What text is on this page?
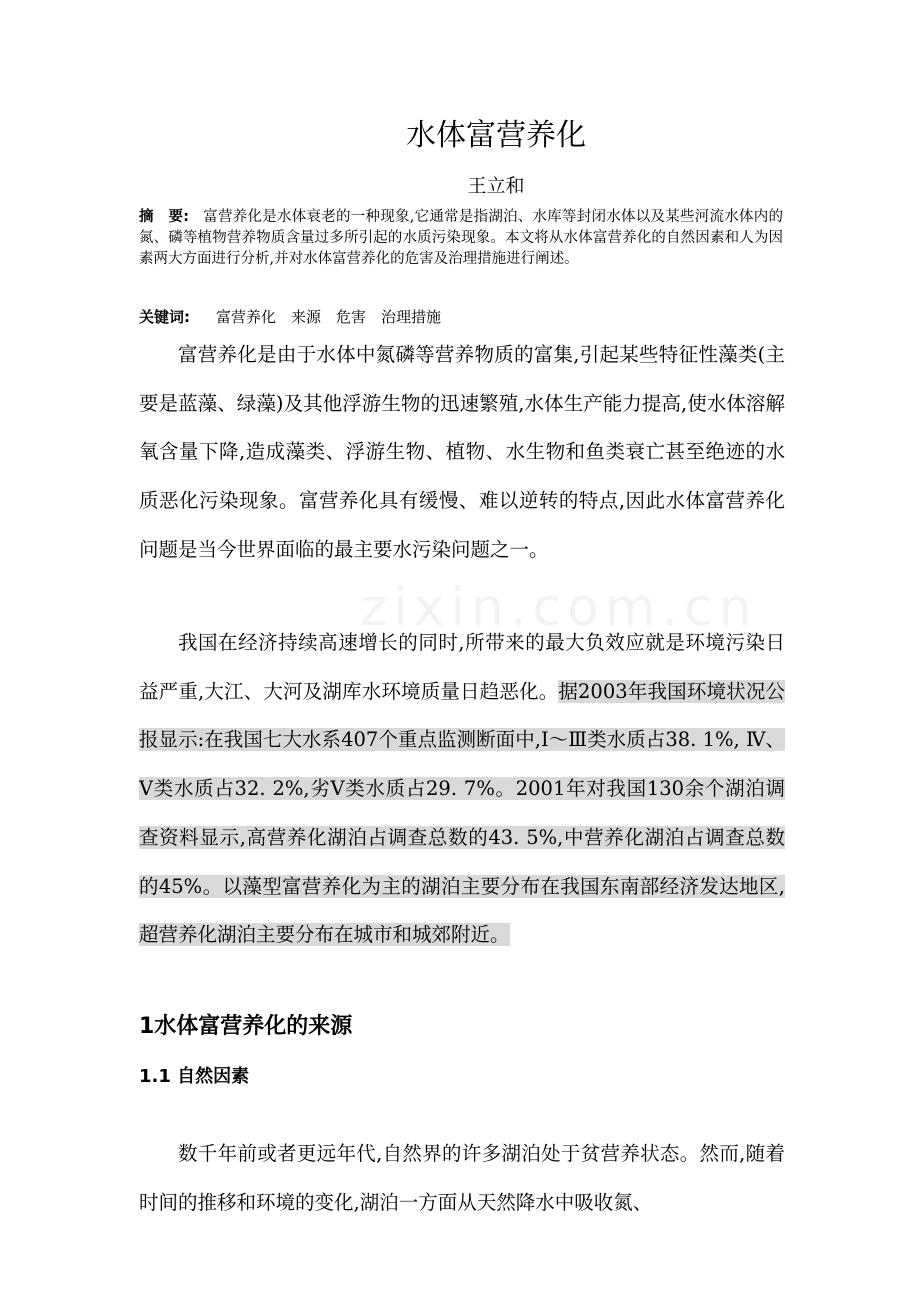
zixin.com.cn
水体富营养化
王立和

摘　要: 富营养化是水体衰老的一种现象,它通常是指湖泊、水库等封闭水体以及某些河流水体内的氮、磷等植物营养物质含量过多所引起的水质污染现象。本文将从水体富营养化的自然因素和人为因素两大方面进行分析,并对水体富营养化的危害及治理措施进行阐述。

关键词: 富营养化 来源 危害 治理措施

富营养化是由于水体中氮磷等营养物质的富集,引起某些特征性藻类(主要是蓝藻、绿藻)及其他浮游生物的迅速繁殖,水体生产能力提高,使水体溶解氧含量下降,造成藻类、浮游生物、植物、水生物和鱼类衰亡甚至绝迹的水质恶化污染现象。富营养化具有缓慢、难以逆转的特点,因此水体富营养化问题是当今世界面临的最主要水污染问题之一。

我国在经济持续高速增长的同时,所带来的最大负效应就是环境污染日益严重,大江、大河及湖库水环境质量日趋恶化。据2003年我国环境状况公报显示:在我国七大水系407个重点监测断面中,Ⅰ～Ⅲ类水质占38. 1%, Ⅳ、Ⅴ类水质占32. 2%,劣Ⅴ类水质占29. 7%。2001年对我国130余个湖泊调查资料显示,高营养化湖泊占调查总数的43. 5%,中营养化湖泊占调查总数的45%。以藻型富营养化为主的湖泊主要分布在我国东南部经济发达地区,超营养化湖泊主要分布在城市和城郊附近。

1水体富营养化的来源
1.1 自然因素

数千年前或者更远年代,自然界的许多湖泊处于贫营养状态。然而,随着时间的推移和环境的变化,湖泊一方面从天然降水中吸收氮、
